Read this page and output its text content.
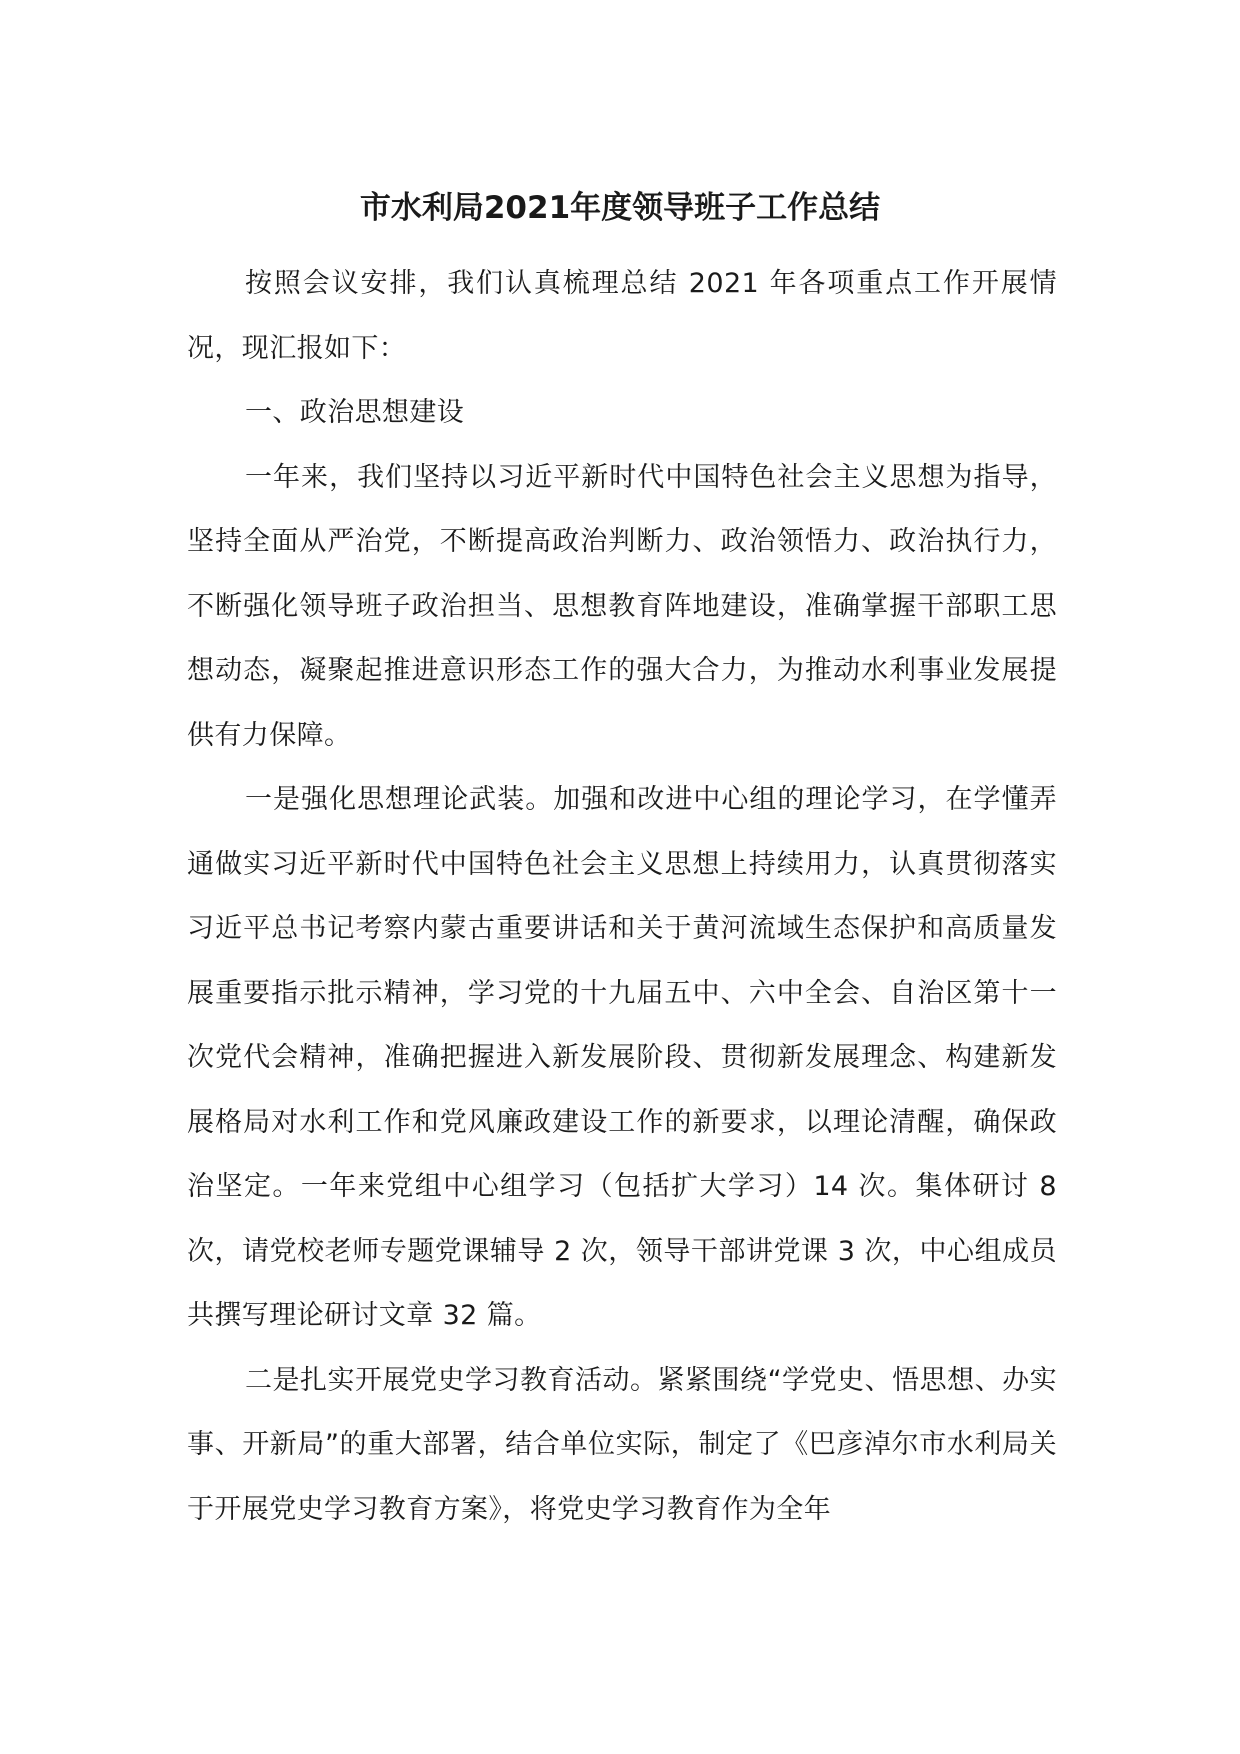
市水利局2021年度领导班子工作总结

按照会议安排，我们认真梳理总结 2021 年各项重点工作开展情况，现汇报如下：

一、政治思想建设

一年来，我们坚持以习近平新时代中国特色社会主义思想为指导，坚持全面从严治党，不断提高政治判断力、政治领悟力、政治执行力，不断强化领导班子政治担当、思想教育阵地建设，准确掌握干部职工思想动态，凝聚起推进意识形态工作的强大合力，为推动水利事业发展提供有力保障。

一是强化思想理论武装。加强和改进中心组的理论学习，在学懂弄通做实习近平新时代中国特色社会主义思想上持续用力，认真贯彻落实习近平总书记考察内蒙古重要讲话和关于黄河流域生态保护和高质量发展重要指示批示精神，学习党的十九届五中、六中全会、自治区第十一次党代会精神，准确把握进入新发展阶段、贯彻新发展理念、构建新发展格局对水利工作和党风廉政建设工作的新要求，以理论清醒，确保政治坚定。一年来党组中心组学习（包括扩大学习）14 次。集体研讨 8 次，请党校老师专题党课辅导 2 次，领导干部讲党课 3 次，中心组成员共撰写理论研讨文章 32 篇。

二是扎实开展党史学习教育活动。紧紧围绕“学党史、悟思想、办实事、开新局”的重大部署，结合单位实际，制定了《巴彦淖尔市水利局关于开展党史学习教育方案》，将党史学习教育作为全年
